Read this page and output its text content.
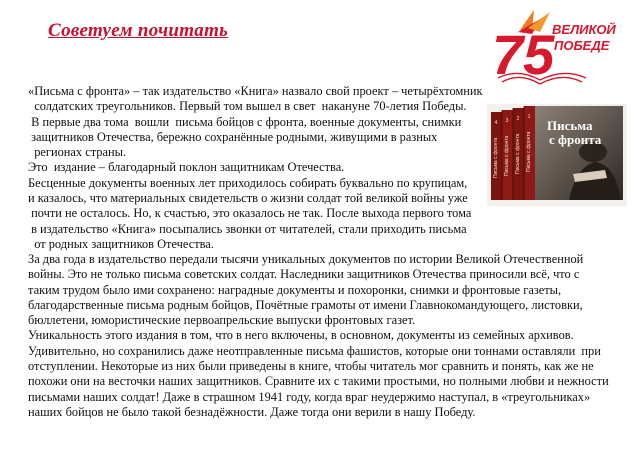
Советуем почитать	75
ВЕЛИКОЙ
ПОБЕДЕ
4 3 2 1
Письма с фронта Письма с фронта Письма с фронта Письма с фронта
Письма
с фронта
«Письма с фронта» – так издательство «Книга» назвало свой проект – четырёхтомник
солдатских треугольников. Первый том вышел в свет  накануне 70-летия Победы.
В первые два тома  вошли  письма бойцов с фронта, военные документы, снимки
защитников Отечества, бережно сохранённые родными, живущими в разных
регионах страны.
Это  издание – благодарный поклон защитникам Отечества.
Бесценные документы военных лет приходилось собирать буквально по крупицам,
и казалось, что материальных свидетельств о жизни солдат той великой войны уже
почти не осталось. Но, к счастью, это оказалось не так. После выхода первого тома
в издательство «Книга» посыпались звонки от читателей, стали приходить письма
от родных защитников Отечества.
За два года в издательство передали тысячи уникальных документов по истории Великой Отечественной
войны. Это не только письма советских солдат. Наследники защитников Отечества приносили всё, что с
таким трудом было ими сохранено: наградные документы и похоронки, снимки и фронтовые газеты,
благодарственные письма родным бойцов, Почётные грамоты от имени Главнокомандующего, листовки,
бюллетени, юмористические первоапрельские выпуски фронтовых газет.
Уникальность этого издания в том, что в него включены, в основном, документы из семейных архивов.
Удивительно, но сохранились даже неотправленные письма фашистов, которые они тоннами оставляли  при
отступлении. Некоторые из них были приведены в книге, чтобы читатель мог сравнить и понять, как же не
похожи они на весточки наших защитников. Сравните их с такими простыми, но полными любви и нежности
письмами наших солдат! Даже в страшном 1941 году, когда враг неудержимо наступал, в «треугольниках»
наших бойцов не было такой безнадёжности. Даже тогда они верили в нашу Победу.
